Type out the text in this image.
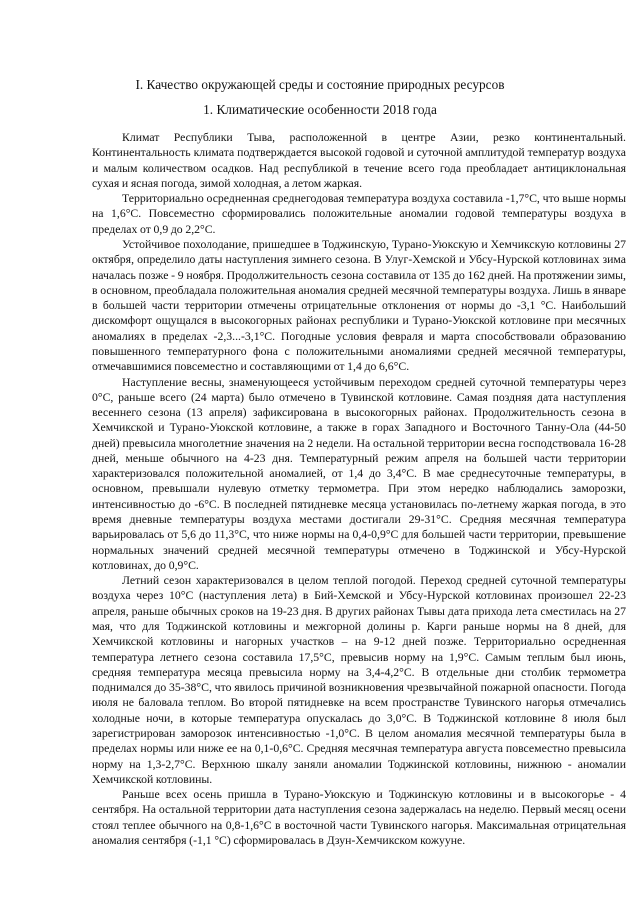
I. Качество окружающей среды и состояние природных ресурсов
1. Климатические особенности 2018 года

Климат Республики Тыва, расположенной в центре Азии, резко континентальный. Континентальность климата подтверждается высокой годовой и суточной амплитудой температур воздуха и малым количеством осадков. Над республикой в течение всего года преобладает антициклональная сухая и ясная погода, зимой холодная, а летом жаркая.

Территориально осредненная среднегодовая температура воздуха составила -1,7°С, что выше нормы на 1,6°С. Повсеместно сформировались положительные аномалии годовой температуры воздуха в пределах от 0,9 до 2,2°С.

Устойчивое похолодание, пришедшее в Тоджинскую, Турано-Уюкскую и Хемчикскую котловины 27 октября, определило даты наступления зимнего сезона. В Улуг-Хемской и Убсу-Нурской котловинах зима началась позже - 9 ноября. Продолжительность сезона составила от 135 до 162 дней. На протяжении зимы, в основном, преобладала положительная аномалия средней месячной температуры воздуха. Лишь в январе в большей части территории отмечены отрицательные отклонения от нормы до -3,1 °С. Наибольший дискомфорт ощущался в высокогорных районах республики и Турано-Уюкской котловине при месячных аномалиях в пределах -2,3...-3,1°С. Погодные условия февраля и марта способствовали образованию повышенного температурного фона с положительными аномалиями средней месячной температуры, отмечавшимися повсеместно и составляющими от 1,4 до 6,6°С.

Наступление весны, знаменующееся устойчивым переходом средней суточной температуры через 0°С, раньше всего (24 марта) было отмечено в Тувинской котловине. Самая поздняя дата наступления весеннего сезона (13 апреля) зафиксирована в высокогорных районах. Продолжительность сезона в Хемчикской и Турано-Уюкской котловине, а также в горах Западного и Восточного Танну-Ола (44-50 дней) превысила многолетние значения на 2 недели. На остальной территории весна господствовала 16-28 дней, меньше обычного на 4-23 дня. Температурный режим апреля на большей части территории характеризовался положительной аномалией, от 1,4 до 3,4°С. В мае среднесуточные температуры, в основном, превышали нулевую отметку термометра. При этом нередко наблюдались заморозки, интенсивностью до -6°С. В последней пятидневке месяца установилась по-летнему жаркая погода, в это время дневные температуры воздуха местами достигали 29-31°С. Средняя месячная температура варьировалась от 5,6 до 11,3°С, что ниже нормы на 0,4-0,9°С для большей части территории, превышение нормальных значений средней месячной температуры отмечено в Тоджинской и Убсу-Нурской котловинах, до 0,9°С.

Летний сезон характеризовался в целом теплой погодой. Переход средней суточной температуры воздуха через 10°С (наступления лета) в Бий-Хемской и Убсу-Нурской котловинах произошел 22-23 апреля, раньше обычных сроков на 19-23 дня. В других районах Тывы дата прихода лета сместилась на 27 мая, что для Тоджинской котловины и межгорной долины р. Карги раньше нормы на 8 дней, для Хемчикской котловины и нагорных участков – на 9-12 дней позже. Территориально осредненная температура летнего сезона составила 17,5°С, превысив норму на 1,9°С. Самым теплым был июнь, средняя температура месяца превысила норму на 3,4-4,2°С. В отдельные дни столбик термометра поднимался до 35-38°С, что явилось причиной возникновения чрезвычайной пожарной опасности. Погода июля не баловала теплом. Во второй пятидневке на всем пространстве Тувинского нагорья отмечались холодные ночи, в которые температура опускалась до 3,0°С. В Тоджинской котловине 8 июля был зарегистрирован заморозок интенсивностью -1,0°С. В целом аномалия месячной температуры была в пределах нормы или ниже ее на 0,1-0,6°С. Средняя месячная температура августа повсеместно превысила норму на 1,3-2,7°С. Верхнюю шкалу заняли аномалии Тоджинской котловины, нижнюю - аномалии Хемчикской котловины.

Раньше всех осень пришла в Турано-Уюкскую и Тоджинскую котловины и в высокогорье - 4 сентября. На остальной территории дата наступления сезона задержалась на неделю. Первый месяц осени стоял теплее обычного на 0,8-1,6°С в восточной части Тувинского нагорья. Максимальная отрицательная аномалия сентября (-1,1 °С) сформировалась в Дзун-Хемчикском кожууне.
